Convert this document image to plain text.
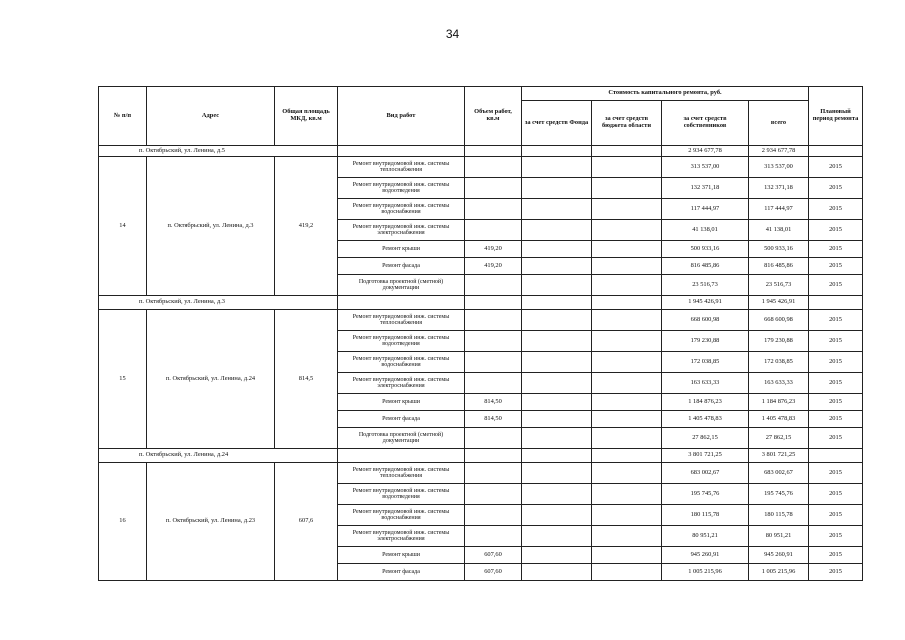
34
№ п/п	Адрес	Общая площадь МКД, кв.м	Вид работ	Объем работ, кв.м	Стоимость капитального ремонта, руб.				Плановый период ремонта
					за счет средств Фонда	за счет средств бюджета области	за счет средств собственников	всего	
п. Октябрьский, ул. Ленина, д.5							2 934 677,78	2 934 677,78	
14	п. Октябрьский, ул. Ленина, д.3	419,2	Ремонт внутридомовой инж. системы теплоснабжения				313 537,00	313 537,00	2015
			Ремонт внутридомовой инж. системы водоотведения				132 371,18	132 371,18	2015
			Ремонт внутридомовой инж. системы водоснабжения				117 444,97	117 444,97	2015
			Ремонт внутридомовой инж. системы электроснабжения				41 138,01	41 138,01	2015
			Ремонт крыши	419,20			500 933,16	500 933,16	2015
			Ремонт фасада	419,20			816 485,86	816 485,86	2015
			Подготовка проектной (сметной) документации				23 516,73	23 516,73	2015
п. Октябрьский, ул. Ленина, д.3							1 945 426,91	1 945 426,91	
15	п. Октябрьский, ул. Ленина, д.24	814,5	Ремонт внутридомовой инж. системы теплоснабжения				668 600,98	668 600,98	2015
			Ремонт внутридомовой инж. системы водоотведения				179 230,88	179 230,88	2015
			Ремонт внутридомовой инж. системы водоснабжения				172 038,85	172 038,85	2015
			Ремонт внутридомовой инж. системы электроснабжения				163 633,33	163 633,33	2015
			Ремонт крыши	814,50			1 184 876,23	1 184 876,23	2015
			Ремонт фасада	814,50			1 405 478,83	1 405 478,83	2015
			Подготовка проектной (сметной) документации				27 862,15	27 862,15	2015
п. Октябрьский, ул. Ленина, д.24							3 801 721,25	3 801 721,25	
16	п. Октябрьский, ул. Ленина, д.23	607,6	Ремонт внутридомовой инж. системы теплоснабжения				683 002,67	683 002,67	2015
			Ремонт внутридомовой инж. системы водоотведения				195 745,76	195 745,76	2015
			Ремонт внутридомовой инж. системы водоснабжения				180 115,78	180 115,78	2015
			Ремонт внутридомовой инж. системы электроснабжения				80 951,21	80 951,21	2015
			Ремонт крыши	607,60			945 260,91	945 260,91	2015
			Ремонт фасада	607,60			1 005 215,96	1 005 215,96	2015
